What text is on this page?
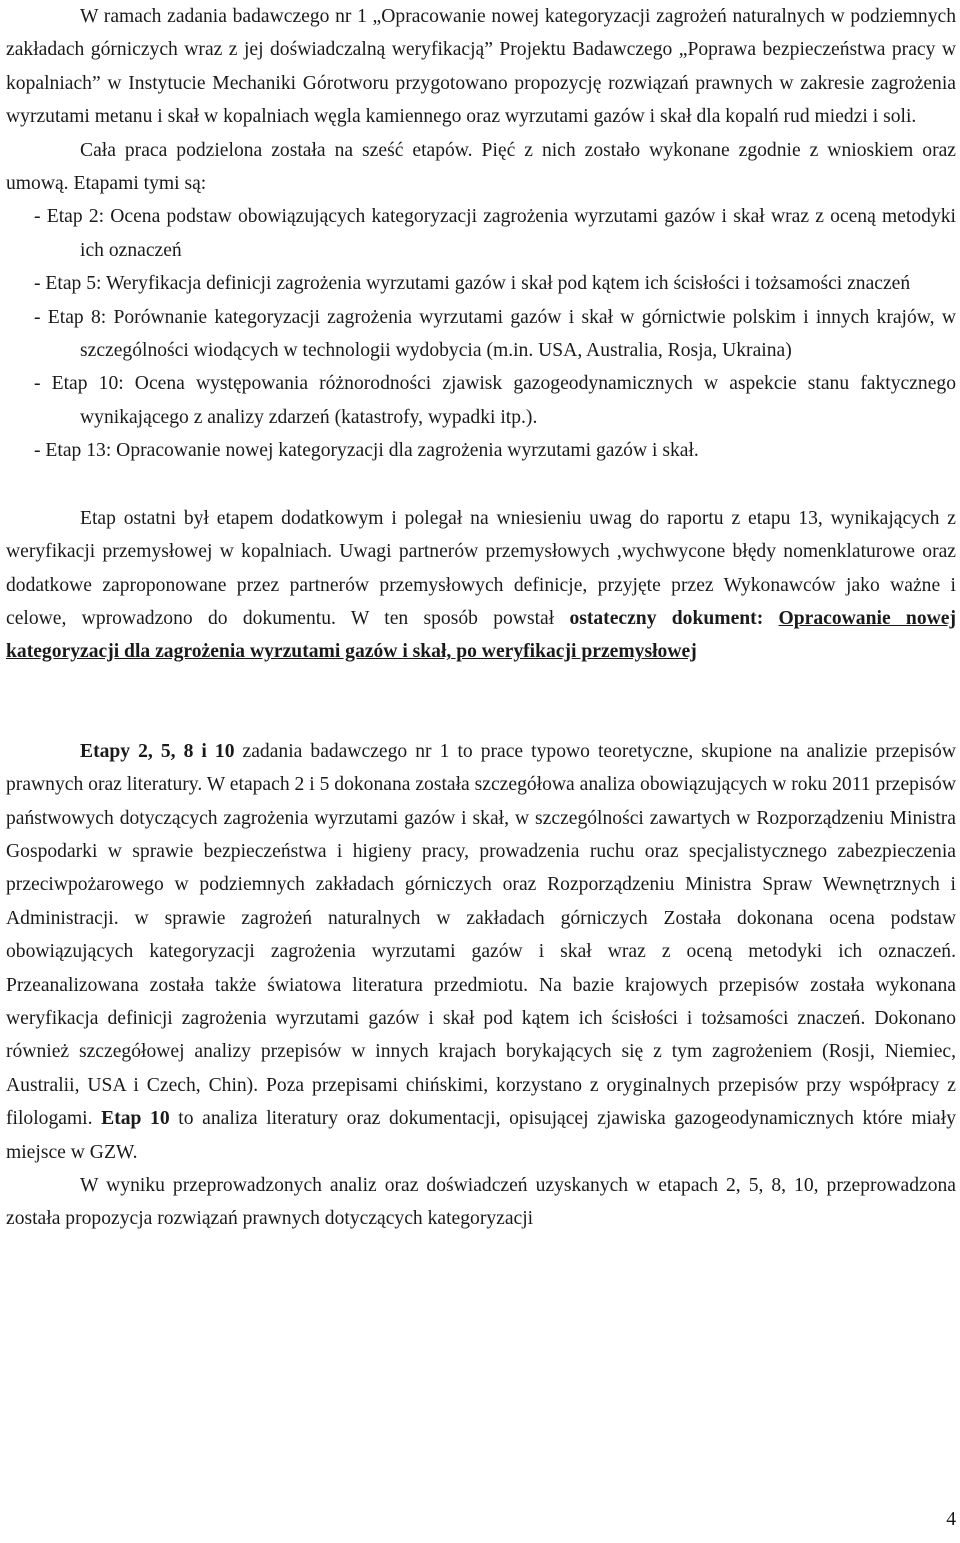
W ramach zadania badawczego nr 1 „Opracowanie nowej kategoryzacji zagrożeń naturalnych w podziemnych zakładach górniczych wraz z jej doświadczalną weryfikacją” Projektu Badawczego „Poprawa bezpieczeństwa pracy w kopalniach” w Instytucie Mechaniki Górotworu przygotowano propozycję rozwiązań prawnych w zakresie zagrożenia wyrzutami metanu i skał w kopalniach węgla kamiennego oraz wyrzutami gazów i skał dla kopalń rud miedzi i soli.

Cała praca podzielona została na sześć etapów. Pięć z nich zostało wykonane zgodnie z wnioskiem oraz umową. Etapami tymi są:

- Etap 2: Ocena podstaw obowiązujących kategoryzacji zagrożenia wyrzutami gazów i skał wraz z oceną metodyki ich oznaczeń
- Etap 5: Weryfikacja definicji zagrożenia wyrzutami gazów i skał pod kątem ich ścisłości i tożsamości znaczeń
- Etap 8: Porównanie kategoryzacji zagrożenia wyrzutami gazów i skał w górnictwie polskim i innych krajów, w szczególności wiodących w technologii wydobycia (m.in. USA, Australia, Rosja, Ukraina)
- Etap 10: Ocena występowania różnorodności zjawisk gazogeodynamicznych w aspekcie stanu faktycznego wynikającego z analizy zdarzeń (katastrofy, wypadki itp.).
- Etap 13: Opracowanie nowej kategoryzacji dla zagrożenia wyrzutami gazów i skał.

Etap ostatni był etapem dodatkowym i polegał na wniesieniu uwag do raportu z etapu 13, wynikających z weryfikacji przemysłowej w kopalniach. Uwagi partnerów przemysłowych ,wychwycone błędy nomenklaturowe oraz dodatkowe zaproponowane przez partnerów przemysłowych definicje, przyjęte przez Wykonawców jako ważne i celowe, wprowadzono do dokumentu. W ten sposób powstał ostateczny dokument: Opracowanie nowej kategoryzacji dla zagrożenia wyrzutami gazów i skał, po weryfikacji przemysłowej

Etapy 2, 5, 8 i 10 zadania badawczego nr 1 to prace typowo teoretyczne, skupione na analizie przepisów prawnych oraz literatury. W etapach 2 i 5 dokonana została szczegółowa analiza obowiązujących w roku 2011 przepisów państwowych dotyczących zagrożenia wyrzutami gazów i skał, w szczególności zawartych w Rozporządzeniu Ministra Gospodarki w sprawie bezpieczeństwa i higieny pracy, prowadzenia ruchu oraz specjalistycznego zabezpieczenia przeciwpożarowego w podziemnych zakładach górniczych oraz Rozporządzeniu Ministra Spraw Wewnętrznych i Administracji. w sprawie zagrożeń naturalnych w zakładach górniczych Została dokonana ocena podstaw obowiązujących kategoryzacji zagrożenia wyrzutami gazów i skał wraz z oceną metodyki ich oznaczeń. Przeanalizowana została także światowa literatura przedmiotu. Na bazie krajowych przepisów została wykonana weryfikacja definicji zagrożenia wyrzutami gazów i skał pod kątem ich ścisłości i tożsamości znaczeń. Dokonano również szczegółowej analizy przepisów w innych krajach borykających się z tym zagrożeniem (Rosji, Niemiec, Australii, USA i Czech, Chin). Poza przepisami chińskimi, korzystano z oryginalnych przepisów przy współpracy z filologami. Etap 10 to analiza literatury oraz dokumentacji, opisującej zjawiska gazogeodynamicznych które miały miejsce w GZW.

W wyniku przeprowadzonych analiz oraz doświadczeń uzyskanych w etapach 2, 5, 8, 10, przeprowadzona została propozycja rozwiązań prawnych dotyczących kategoryzacji

4
